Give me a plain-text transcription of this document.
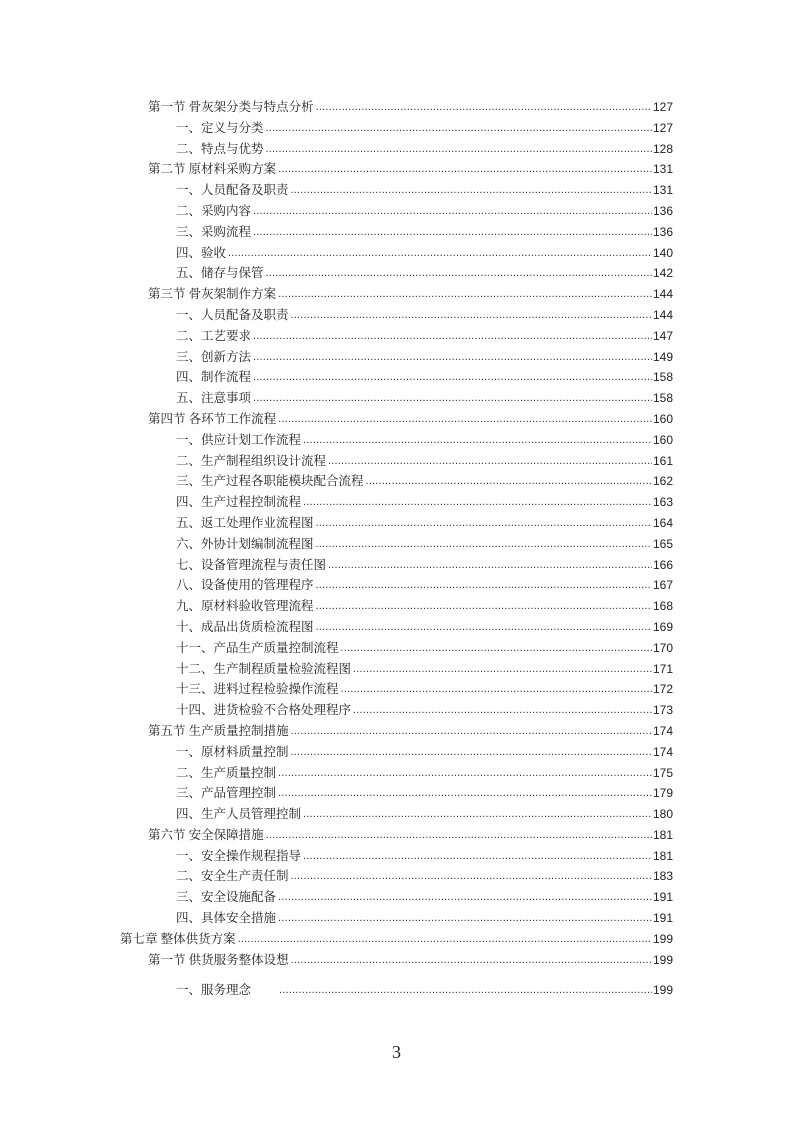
第一节 骨灰架分类与特点分析 .....	127
一、定义与分类 .....	127
二、特点与优势 .....	128
第二节 原材料采购方案 .....	131
一、人员配备及职责 .....	131
二、采购内容 .....	136
三、采购流程 .....	136
四、验收 .....	140
五、储存与保管 .....	142
第三节 骨灰架制作方案 .....	144
一、人员配备及职责 .....	144
二、工艺要求 .....	147
三、创新方法 .....	149
四、制作流程 .....	158
五、注意事项 .....	158
第四节 各环节工作流程 .....	160
一、供应计划工作流程 .....	160
二、生产制程组织设计流程 .....	161
三、生产过程各职能模块配合流程 .....	162
四、生产过程控制流程 .....	163
五、返工处理作业流程图 .....	164
六、外协计划编制流程图 .....	165
七、设备管理流程与责任图 .....	166
八、设备使用的管理程序 .....	167
九、原材料验收管理流程 .....	168
十、成品出货质检流程图 .....	169
十一、产品生产质量控制流程 .....	170
十二、生产制程质量检验流程图 .....	171
十三、进料过程检验操作流程 .....	172
十四、进货检验不合格处理程序 .....	173
第五节 生产质量控制措施 .....	174
一、原材料质量控制 .....	174
二、生产质量控制 .....	175
三、产品管理控制 .....	179
四、生产人员管理控制 .....	180
第六节 安全保障措施 .....	181
一、安全操作规程指导 .....	181
二、安全生产责任制 .....	183
三、安全设施配备 .....	191
四、具体安全措施 .....	191
第七章 整体供货方案 .....	199
第一节 供货服务整体设想 .....	199
一、服务理念 .....	199
3
